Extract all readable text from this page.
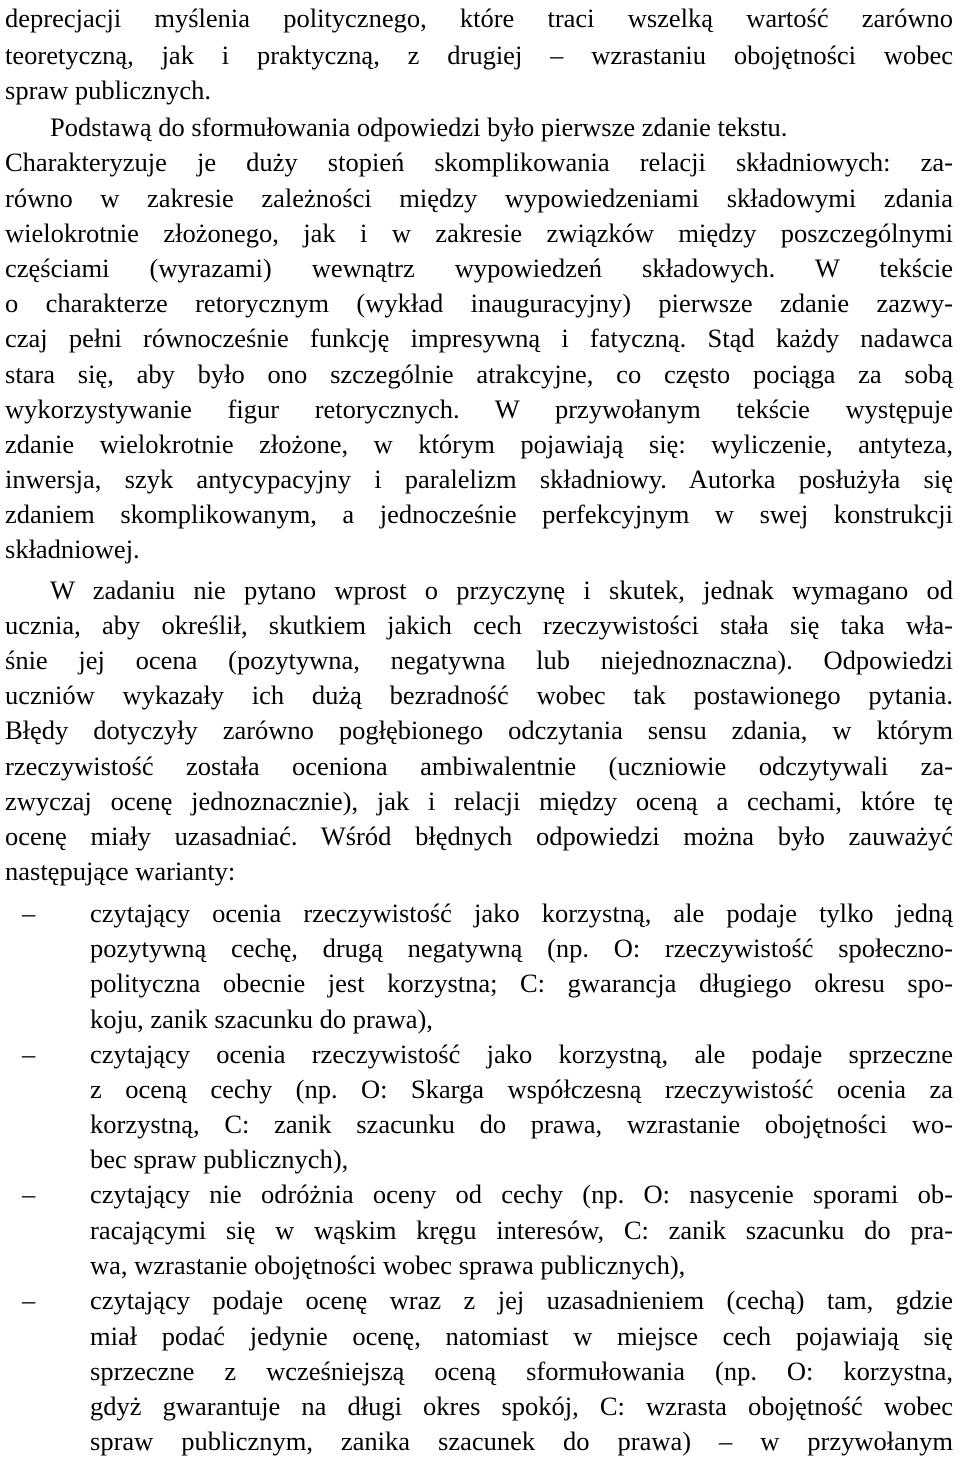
deprecjacji myślenia politycznego, które traci wszelką wartość zarówno
teoretyczną, jak i praktyczną, z drugiej – wzrastaniu obojętności wobec
spraw publicznych.
Podstawą do sformułowania odpowiedzi było pierwsze zdanie tekstu.
Charakteryzuje je duży stopień skomplikowania relacji składniowych: za-
równo w zakresie zależności między wypowiedzeniami składowymi zdania
wielokrotnie złożonego, jak i w zakresie związków między poszczególnymi
częściami (wyrazami) wewnątrz wypowiedzeń składowych. W tekście
o charakterze retorycznym (wykład inauguracyjny) pierwsze zdanie zazwy-
czaj pełni równocześnie funkcję impresywną i fatyczną. Stąd każdy nadawca
stara się, aby było ono szczególnie atrakcyjne, co często pociąga za sobą
wykorzystywanie figur retorycznych. W przywołanym tekście występuje
zdanie wielokrotnie złożone, w którym pojawiają się: wyliczenie, antyteza,
inwersja, szyk antycypacyjny i paralelizm składniowy. Autorka posłużyła się
zdaniem skomplikowanym, a jednocześnie perfekcyjnym w swej konstrukcji
składniowej.
W zadaniu nie pytano wprost o przyczynę i skutek, jednak wymagano od
ucznia, aby określił, skutkiem jakich cech rzeczywistości stała się taka wła-
śnie jej ocena (pozytywna, negatywna lub niejednoznaczna). Odpowiedzi
uczniów wykazały ich dużą bezradność wobec tak postawionego pytania.
Błędy dotyczyły zarówno pogłębionego odczytania sensu zdania, w którym
rzeczywistość została oceniona ambiwalentnie (uczniowie odczytywali za-
zwyczaj ocenę jednoznacznie), jak i relacji między oceną a cechami, które tę
ocenę miały uzasadniać. Wśród błędnych odpowiedzi można było zauważyć
następujące warianty:
–	czytający ocenia rzeczywistość jako korzystną, ale podaje tylko jedną
pozytywną cechę, drugą negatywną (np. O: rzeczywistość społeczno-
polityczna obecnie jest korzystna; C: gwarancja długiego okresu spo-
koju, zanik szacunku do prawa),
–	czytający ocenia rzeczywistość jako korzystną, ale podaje sprzeczne
z oceną cechy (np. O: Skarga współczesną rzeczywistość ocenia za
korzystną, C: zanik szacunku do prawa, wzrastanie obojętności wo-
bec spraw publicznych),
–	czytający nie odróżnia oceny od cechy (np. O: nasycenie sporami ob-
racającymi się w wąskim kręgu interesów, C: zanik szacunku do pra-
wa, wzrastanie obojętności wobec sprawa publicznych),
–	czytający podaje ocenę wraz z jej uzasadnieniem (cechą) tam, gdzie
miał podać jedynie ocenę, natomiast w miejsce cech pojawiają się
sprzeczne z wcześniejszą oceną sformułowania (np. O: korzystna,
gdyż gwarantuje na długi okres spokój, C: wzrasta obojętność wobec
spraw publicznym, zanika szacunek do prawa) – w przywołanym
